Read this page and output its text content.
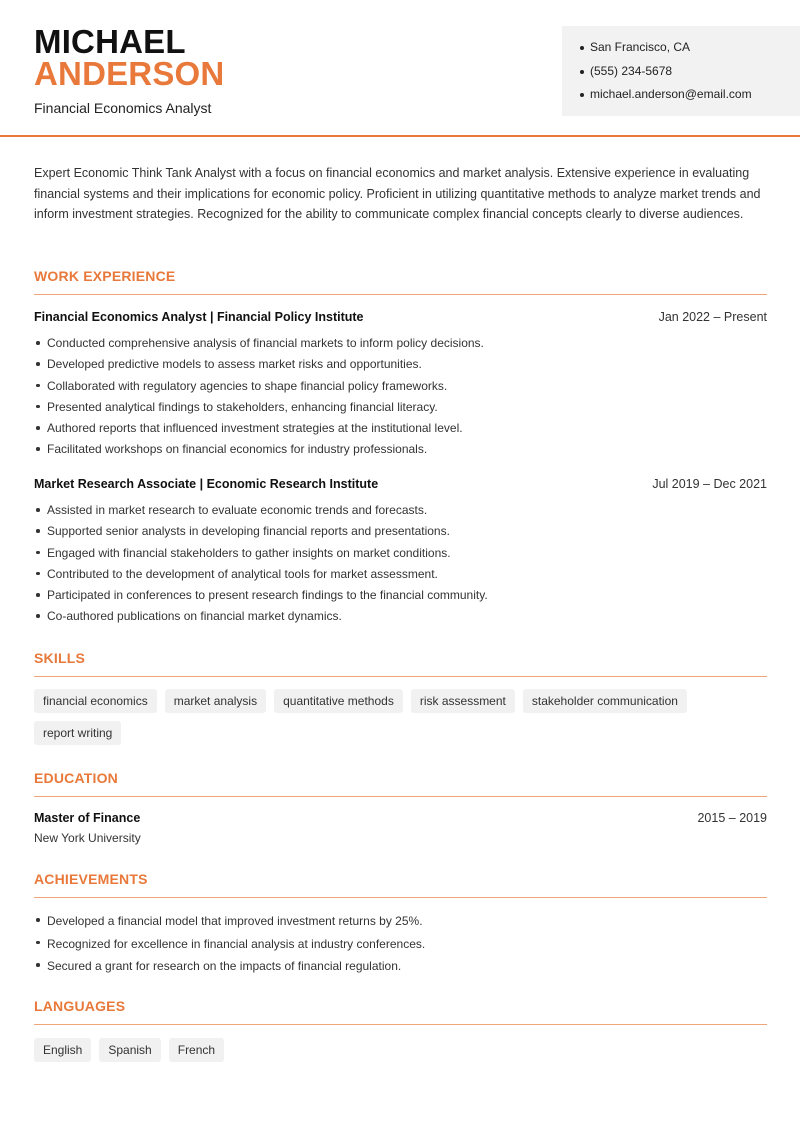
MICHAEL
ANDERSON
Financial Economics Analyst
San Francisco, CA
(555) 234-5678
michael.anderson@email.com

Expert Economic Think Tank Analyst with a focus on financial economics and market analysis. Extensive experience in evaluating financial systems and their implications for economic policy. Proficient in utilizing quantitative methods to analyze market trends and inform investment strategies. Recognized for the ability to communicate complex financial concepts clearly to diverse audiences.

WORK EXPERIENCE
Financial Economics Analyst | Financial Policy Institute	Jan 2022 – Present
Conducted comprehensive analysis of financial markets to inform policy decisions.
Developed predictive models to assess market risks and opportunities.
Collaborated with regulatory agencies to shape financial policy frameworks.
Presented analytical findings to stakeholders, enhancing financial literacy.
Authored reports that influenced investment strategies at the institutional level.
Facilitated workshops on financial economics for industry professionals.
Market Research Associate | Economic Research Institute	Jul 2019 – Dec 2021
Assisted in market research to evaluate economic trends and forecasts.
Supported senior analysts in developing financial reports and presentations.
Engaged with financial stakeholders to gather insights on market conditions.
Contributed to the development of analytical tools for market assessment.
Participated in conferences to present research findings to the financial community.
Co-authored publications on financial market dynamics.
SKILLS
financial economics	market analysis	quantitative methods	risk assessment	stakeholder communication
report writing
EDUCATION
Master of Finance	2015 – 2019
New York University
ACHIEVEMENTS
Developed a financial model that improved investment returns by 25%.
Recognized for excellence in financial analysis at industry conferences.
Secured a grant for research on the impacts of financial regulation.
LANGUAGES
English	Spanish	French
